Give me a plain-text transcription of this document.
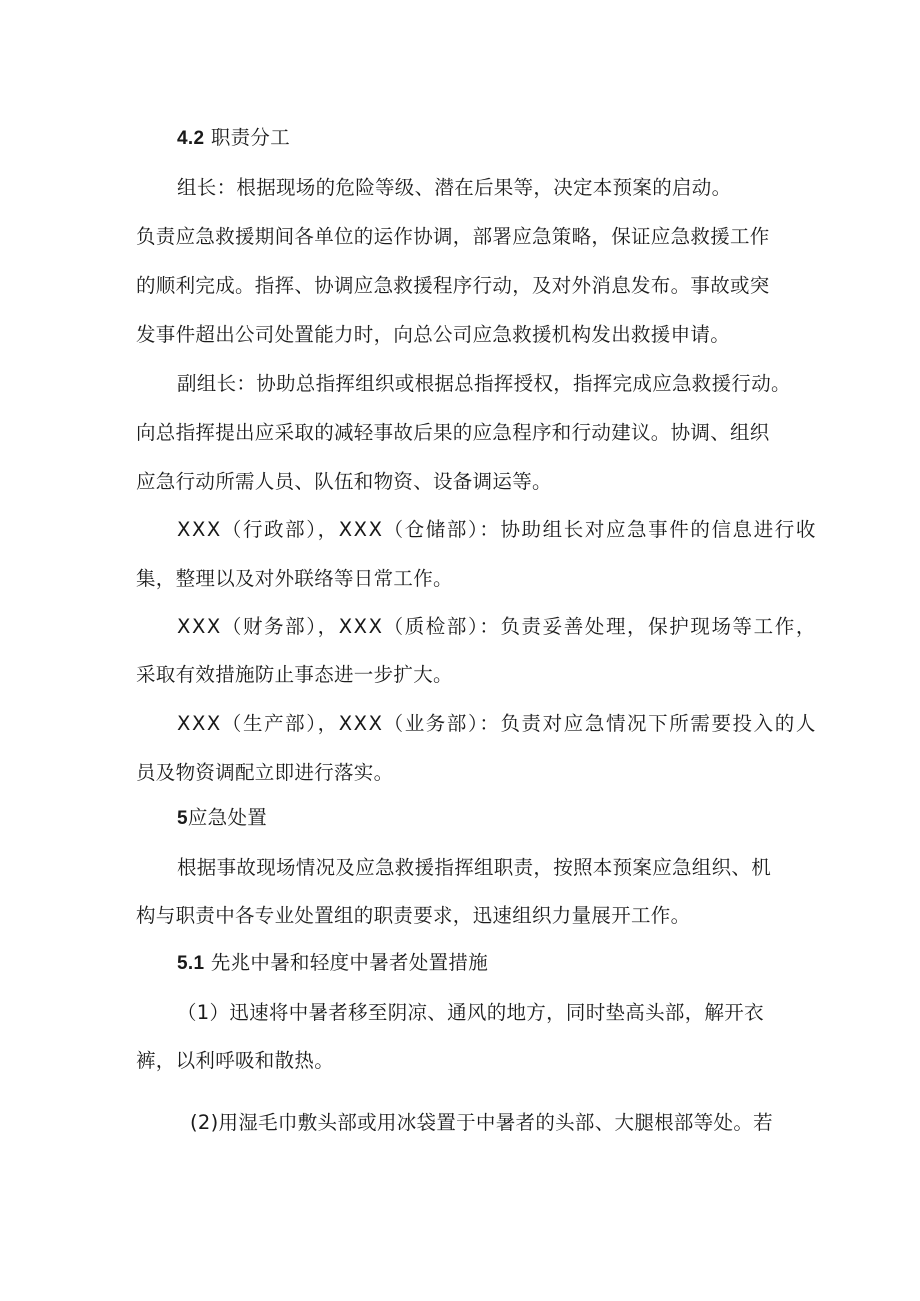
4.2 职责分工

组长：根据现场的危险等级、潜在后果等，决定本预案的启动。

负责应急救援期间各单位的运作协调，部署应急策略，保证应急救援工作

的顺利完成。指挥、协调应急救援程序行动，及对外消息发布。事故或突

发事件超出公司处置能力时，向总公司应急救援机构发出救援申请。

副组长：协助总指挥组织或根据总指挥授权，指挥完成应急救援行动。

向总指挥提出应采取的减轻事故后果的应急程序和行动建议。协调、组织

应急行动所需人员、队伍和物资、设备调运等。

XXX（行政部），XXX（仓储部）：协助组长对应急事件的信息进行收

集，整理以及对外联络等日常工作。

XXX（财务部），XXX（质检部）：负责妥善处理，保护现场等工作，

采取有效措施防止事态进一步扩大。

XXX（生产部），XXX（业务部）：负责对应急情况下所需要投入的人

员及物资调配立即进行落实。

5应急处置

根据事故现场情况及应急救援指挥组职责，按照本预案应急组织、机

构与职责中各专业处置组的职责要求，迅速组织力量展开工作。

5.1 先兆中暑和轻度中暑者处置措施

（1）迅速将中暑者移至阴凉、通风的地方，同时垫高头部，解开衣

裤，以利呼吸和散热。

(2)用湿毛巾敷头部或用冰袋置于中暑者的头部、大腿根部等处。若
